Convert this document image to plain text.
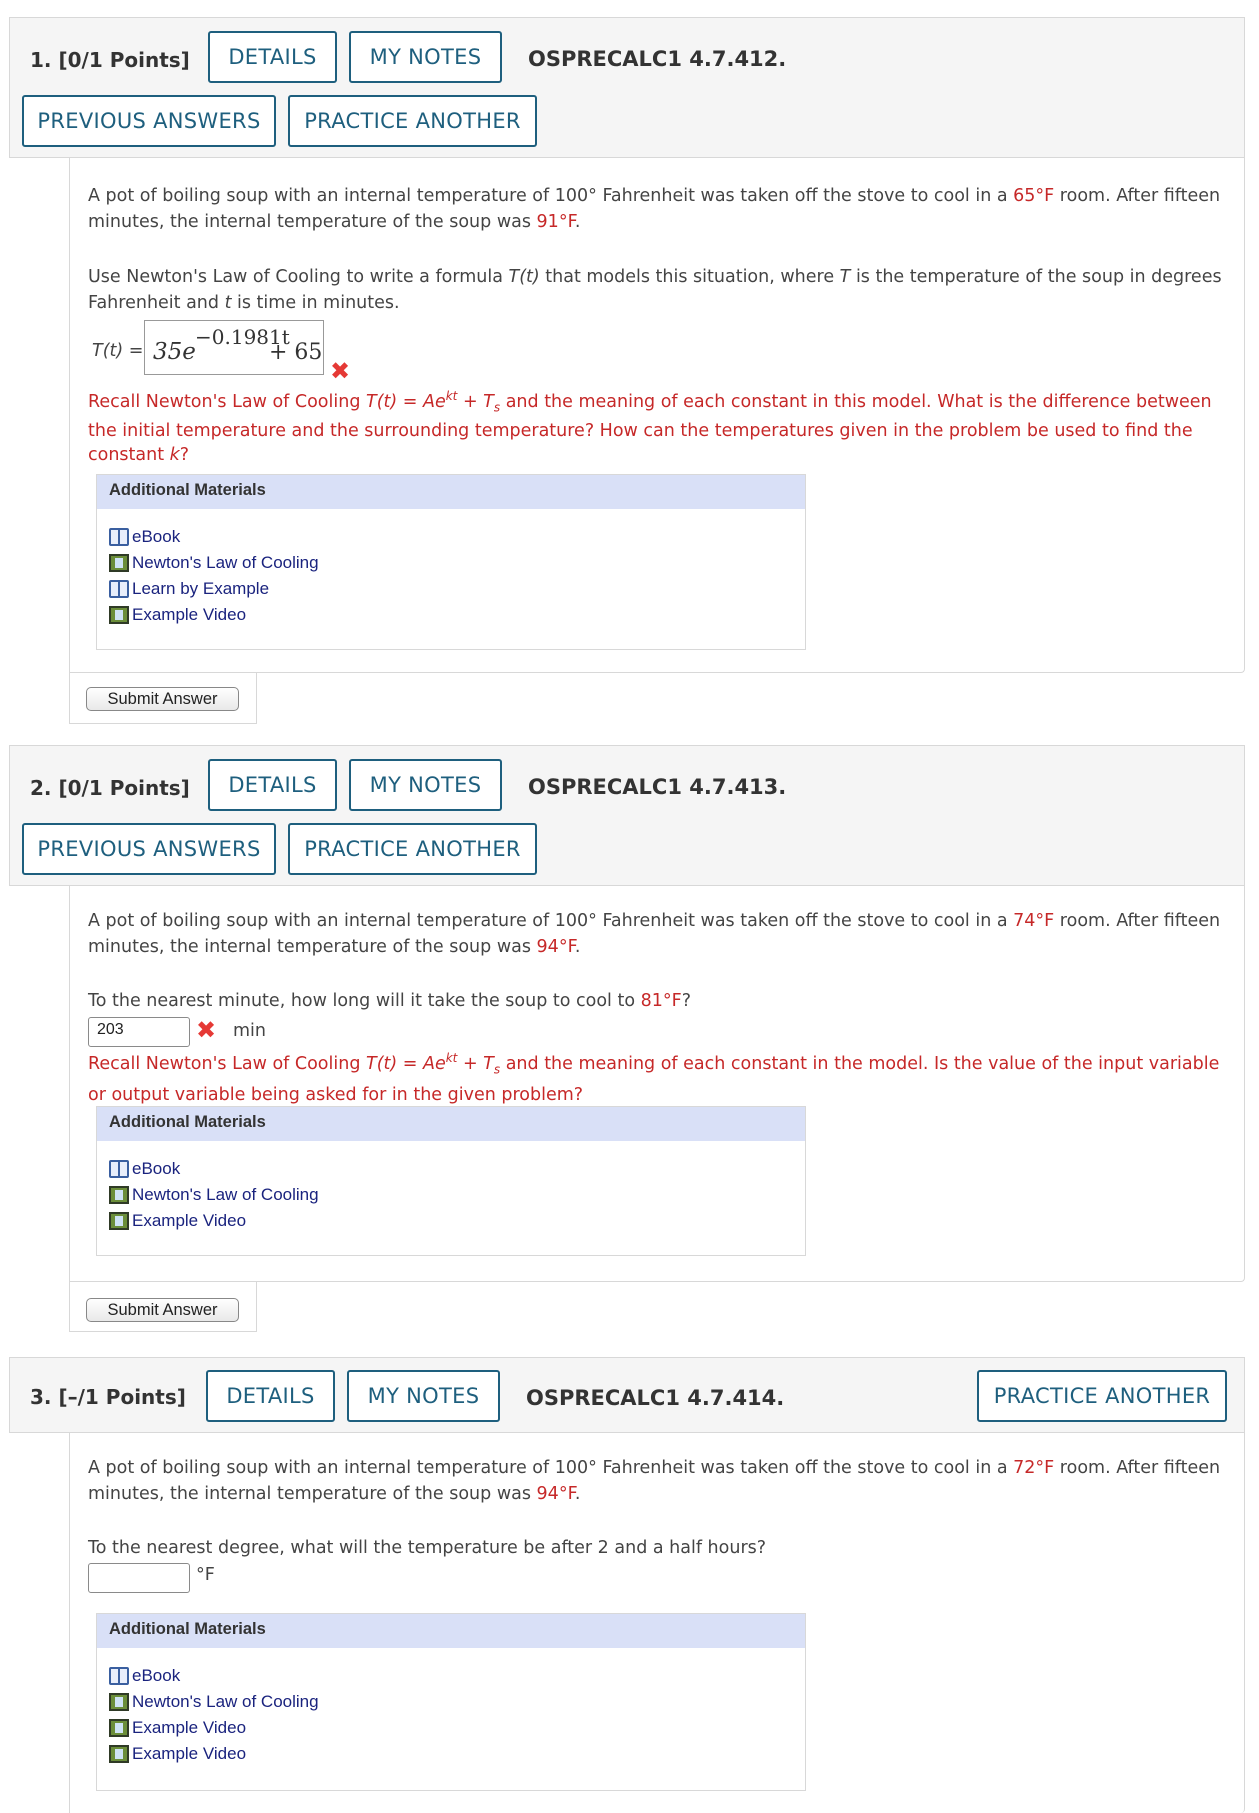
1. [0/1 Points]	DETAILS	MY NOTES	OSPRECALC1 4.7.412.
PREVIOUS ANSWERS	PRACTICE ANOTHER
A pot of boiling soup with an internal temperature of 100° Fahrenheit was taken off the stove to cool in a 65°F room. After fifteen
minutes, the internal temperature of the soup was 91°F.
Use Newton's Law of Cooling to write a formula T(t) that models this situation, where T is the temperature of the soup in degrees
Fahrenheit and t is time in minutes.
T(t) = 35e
−0.1981t
+ 65
✖
Recall Newton's Law of Cooling $T(t) = Ae^{kt} + T_s$ and the meaning of each constant in this model. What is the difference between
the initial temperature and the surrounding temperature? How can the temperatures given in the problem be used to find the
constant k?
Additional Materials
eBook
Newton's Law of Cooling
Learn by Example
Example Video
Submit Answer
2. [0/1 Points]	DETAILS	MY NOTES	OSPRECALC1 4.7.413.
PREVIOUS ANSWERS	PRACTICE ANOTHER
A pot of boiling soup with an internal temperature of 100° Fahrenheit was taken off the stove to cool in a 74°F room. After fifteen
minutes, the internal temperature of the soup was 94°F.
To the nearest minute, how long will it take the soup to cool to 81°F?
203	✖ min
Recall Newton's Law of Cooling $T(t) = Ae^{kt} + T_s$ and the meaning of each constant in the model. Is the value of the input variable
or output variable being asked for in the given problem?
Additional Materials
eBook
Newton's Law of Cooling
Example Video
Submit Answer
3. [–/1 Points]	DETAILS	MY NOTES	OSPRECALC1 4.7.414.	PRACTICE ANOTHER
A pot of boiling soup with an internal temperature of 100° Fahrenheit was taken off the stove to cool in a 72°F room. After fifteen
minutes, the internal temperature of the soup was 94°F.
To the nearest degree, what will the temperature be after 2 and a half hours?
°F
Additional Materials
eBook
Newton's Law of Cooling
Example Video
Example Video
